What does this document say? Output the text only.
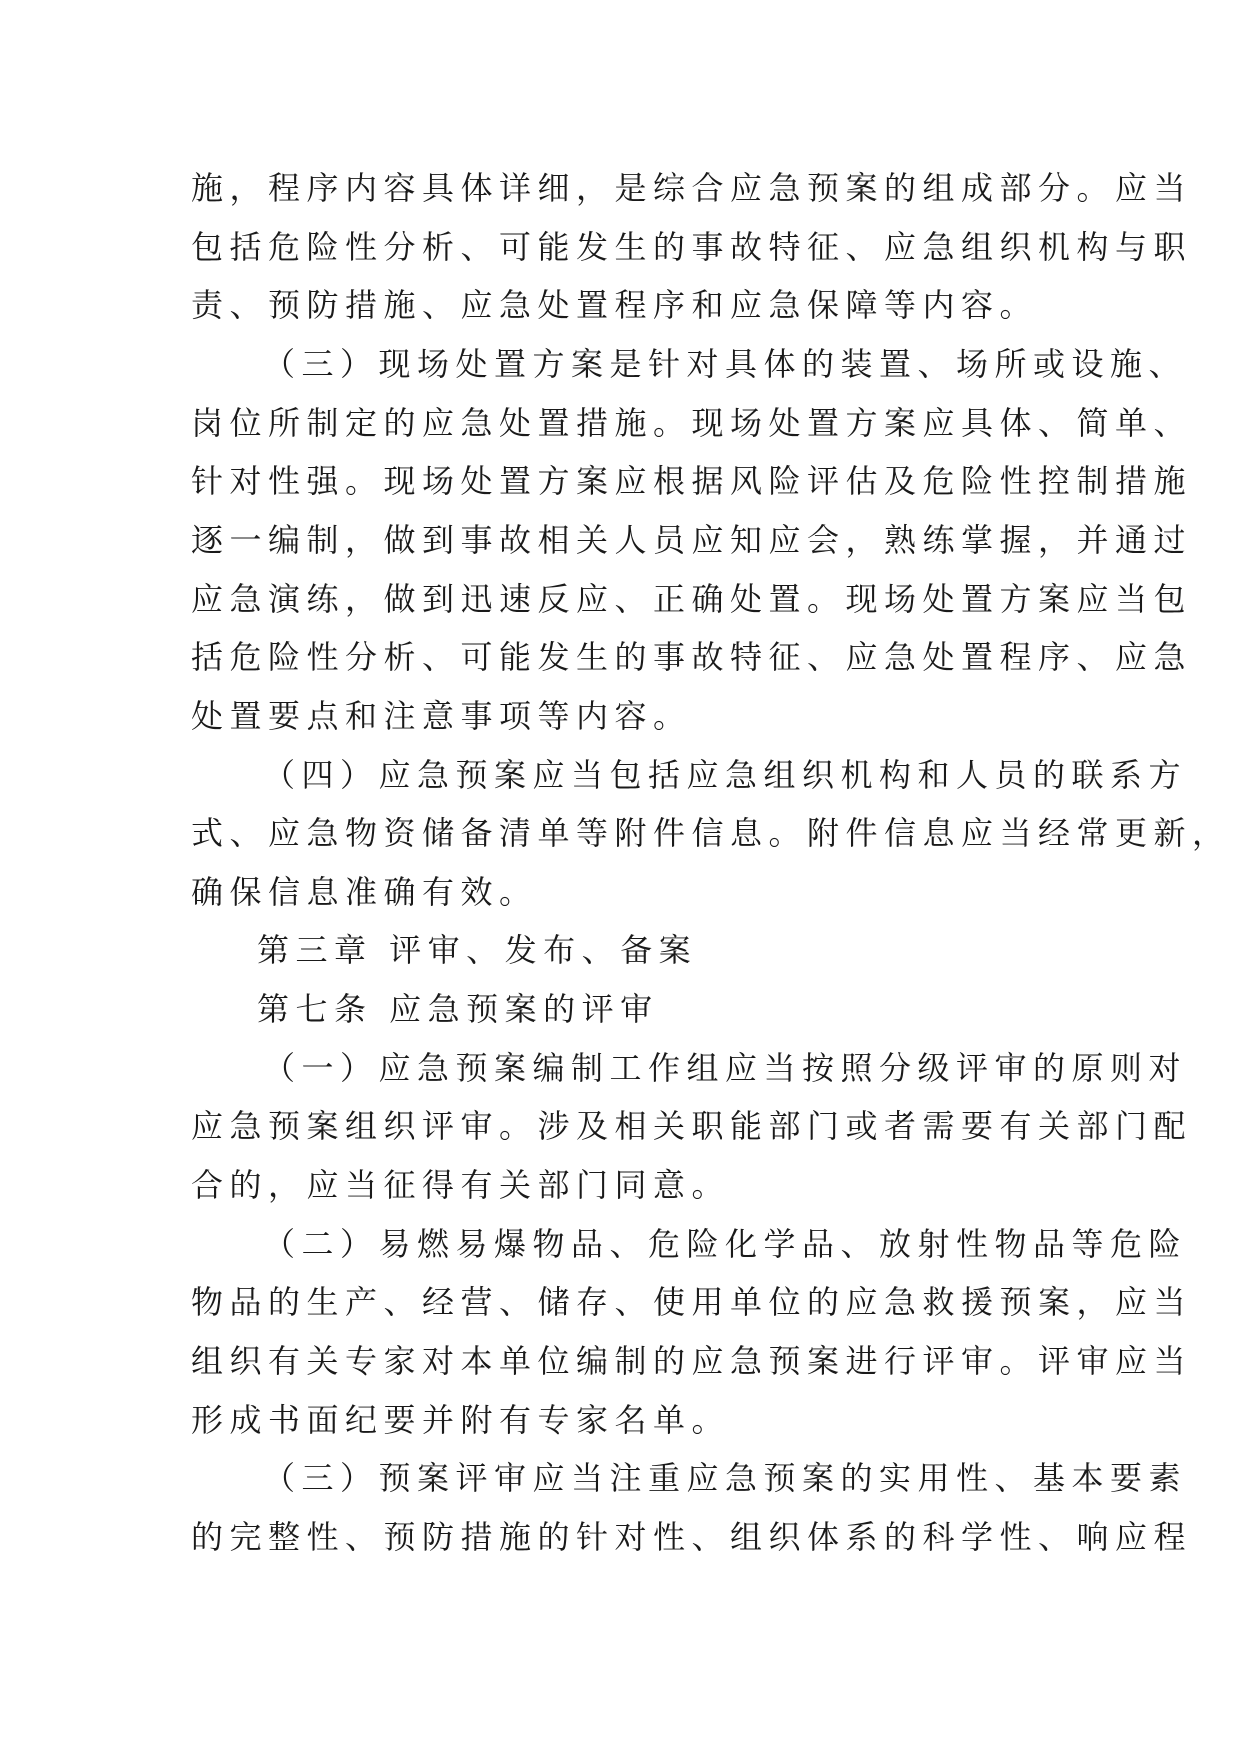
施，程序内容具体详细，是综合应急预案的组成部分。应当
包括危险性分析、可能发生的事故特征、应急组织机构与职
责、预防措施、应急处置程序和应急保障等内容。
（三）现场处置方案是针对具体的装置、场所或设施、
岗位所制定的应急处置措施。现场处置方案应具体、简单、
针对性强。现场处置方案应根据风险评估及危险性控制措施
逐一编制，做到事故相关人员应知应会，熟练掌握，并通过
应急演练，做到迅速反应、正确处置。现场处置方案应当包
括危险性分析、可能发生的事故特征、应急处置程序、应急
处置要点和注意事项等内容。
（四）应急预案应当包括应急组织机构和人员的联系方
式、应急物资储备清单等附件信息。附件信息应当经常更新，
确保信息准确有效。
第三章 评审、发布、备案
第七条 应急预案的评审
（一）应急预案编制工作组应当按照分级评审的原则对
应急预案组织评审。涉及相关职能部门或者需要有关部门配
合的，应当征得有关部门同意。
（二）易燃易爆物品、危险化学品、放射性物品等危险
物品的生产、经营、储存、使用单位的应急救援预案，应当
组织有关专家对本单位编制的应急预案进行评审。评审应当
形成书面纪要并附有专家名单。
（三）预案评审应当注重应急预案的实用性、基本要素
的完整性、预防措施的针对性、组织体系的科学性、响应程
